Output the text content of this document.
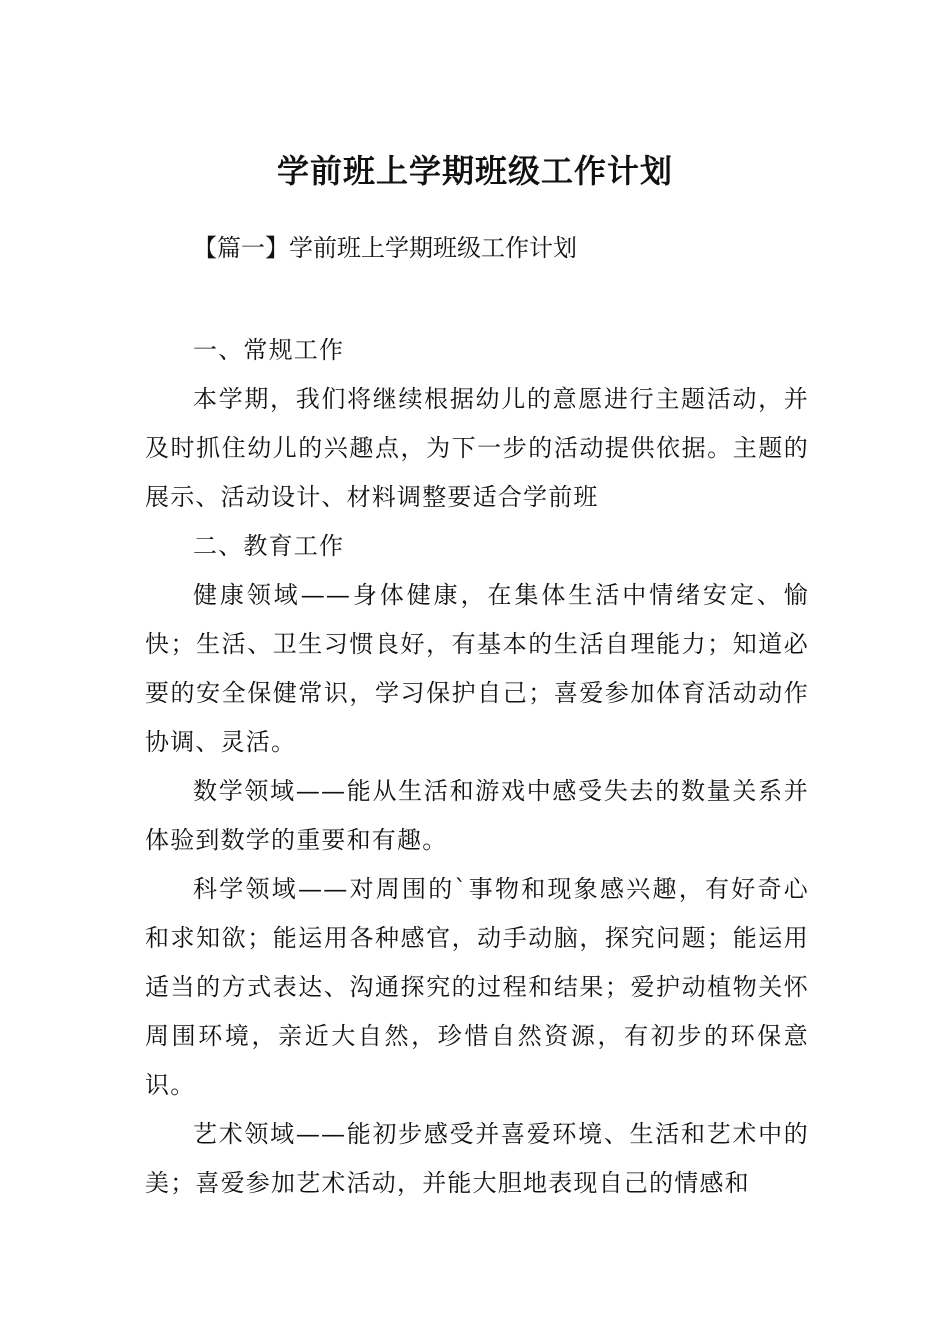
学前班上学期班级工作计划
【篇一】学前班上学期班级工作计划

一、常规工作

本学期，我们将继续根据幼儿的意愿进行主题活动，并及时抓住幼儿的兴趣点，为下一步的活动提供依据。主题的展示、活动设计、材料调整要适合学前班

二、教育工作

健康领域——身体健康，在集体生活中情绪安定、愉快；生活、卫生习惯良好，有基本的生活自理能力；知道必要的安全保健常识，学习保护自己；喜爱参加体育活动动作协调、灵活。

数学领域——能从生活和游戏中感受失去的数量关系并体验到数学的重要和有趣。

科学领域——对周围的`事物和现象感兴趣，有好奇心和求知欲；能运用各种感官，动手动脑，探究问题；能运用适当的方式表达、沟通探究的过程和结果；爱护动植物关怀周围环境，亲近大自然，珍惜自然资源，有初步的环保意识。

艺术领域——能初步感受并喜爱环境、生活和艺术中的美；喜爱参加艺术活动，并能大胆地表现自己的情感和
